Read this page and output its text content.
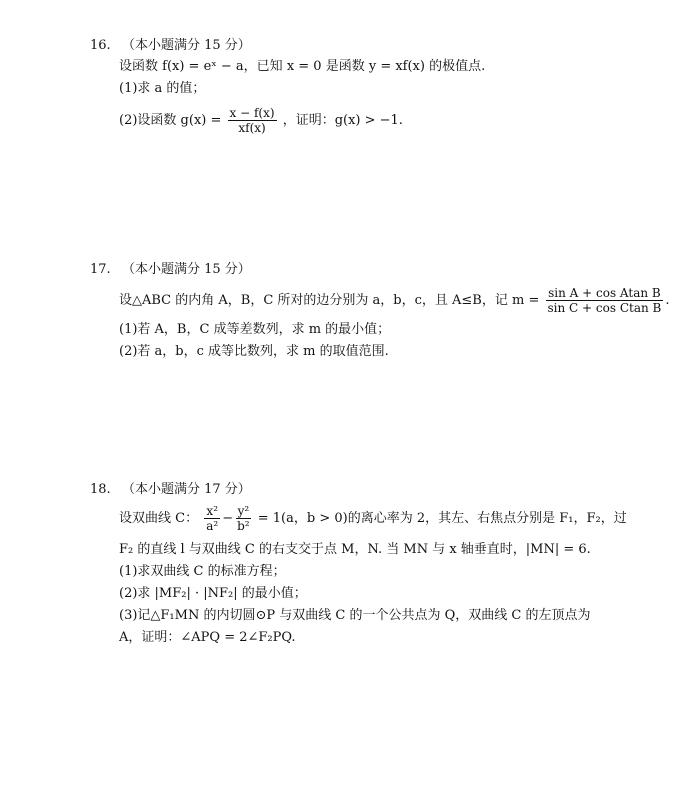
16. （本小题满分 15 分）
设函数 f(x) = eˣ − a，已知 x = 0 是函数 y = xf(x) 的极值点.
(1)求 a 的值；
(2)设函数 $g(x) = \frac{x - f(x)}{xf(x)}$ ，证明：g(x) > −1.
17. （本小题满分 15 分）
设△ABC 的内角 A，B，C 所对的边分别为 a，b，c，且 A≤B，记 $m = \frac{\text{sin A + cos Atan B}}{\text{sin C + cos Ctan B}}$ .
(1)若 A，B，C 成等差数列，求 m 的最小值；
(2)若 a，b，c 成等比数列，求 m 的取值范围.
18. （本小题满分 17 分）
设双曲线 C： $\frac{\text{x²}}{\text{a²}} - \frac{\text{y²}}{\text{b²}} = 1(a$，b > 0)的离心率为 2，其左、右焦点分别是 F₁，F₂，过
F₂ 的直线 l 与双曲线 C 的右支交于点 M，N. 当 MN 与 x 轴垂直时，|MN| = 6.
(1)求双曲线 C 的标准方程；
(2)求 |MF₂| · |NF₂| 的最小值；
(3)记△F₁MN 的内切圆⊙P 与双曲线 C 的一个公共点为 Q，双曲线 C 的左顶点为
A，证明：∠APQ = 2∠F₂PQ.
